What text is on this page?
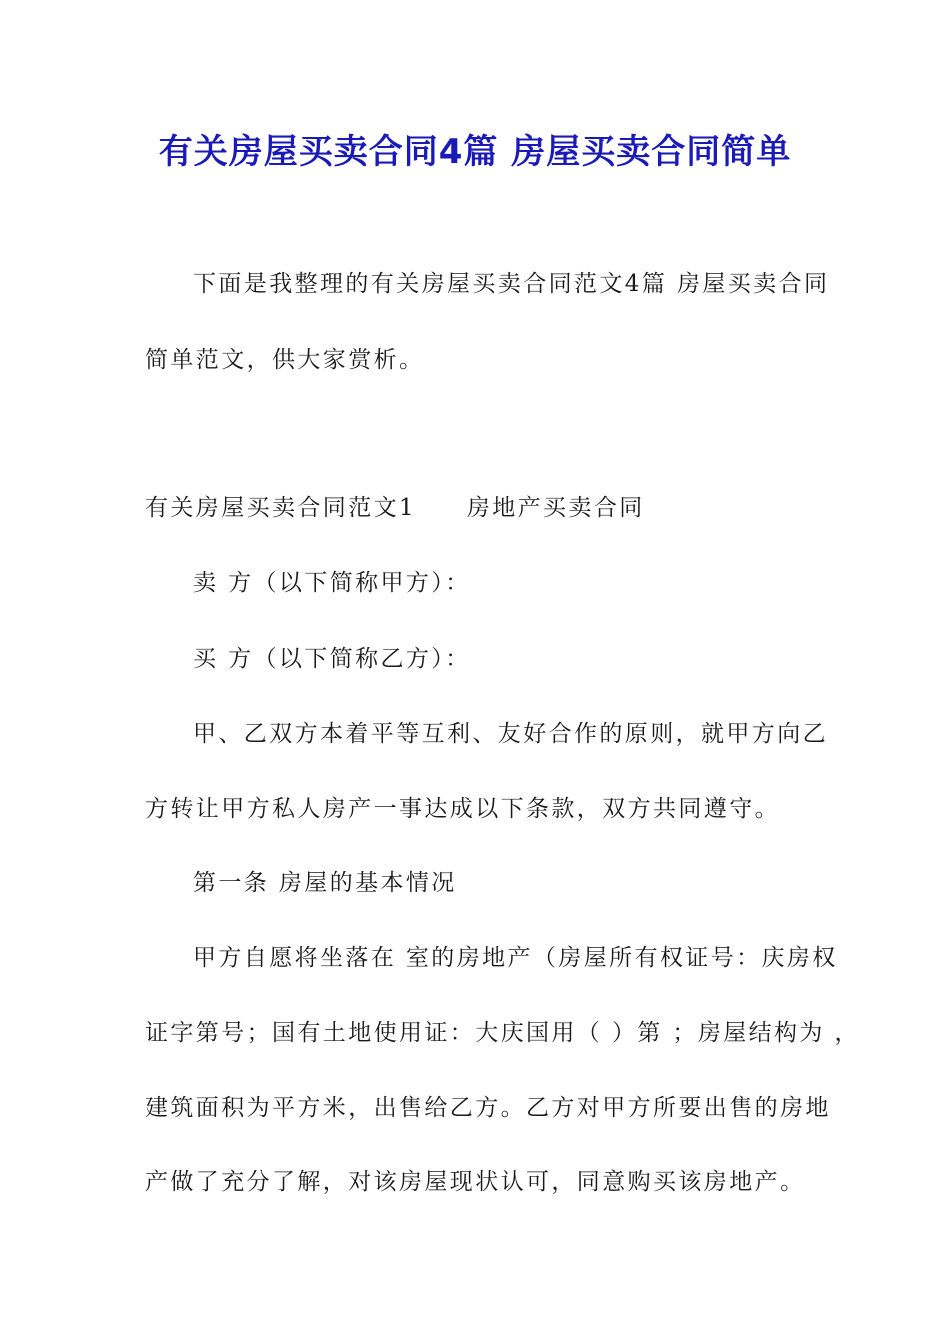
有关房屋买卖合同4篇 房屋买卖合同简单
下面是我整理的有关房屋买卖合同范文4篇 房屋买卖合同
简单范文，供大家赏析。
有关房屋买卖合同范文1　　房地产买卖合同
卖 方（以下简称甲方）：
买 方（以下简称乙方）：
甲、乙双方本着平等互利、友好合作的原则，就甲方向乙
方转让甲方私人房产一事达成以下条款，双方共同遵守。
第一条 房屋的基本情况
甲方自愿将坐落在 室的房地产（房屋所有权证号：庆房权
证字第号；国有土地使用证：大庆国用（ ）第 ；房屋结构为 ，
建筑面积为平方米，出售给乙方。乙方对甲方所要出售的房地
产做了充分了解，对该房屋现状认可，同意购买该房地产。
